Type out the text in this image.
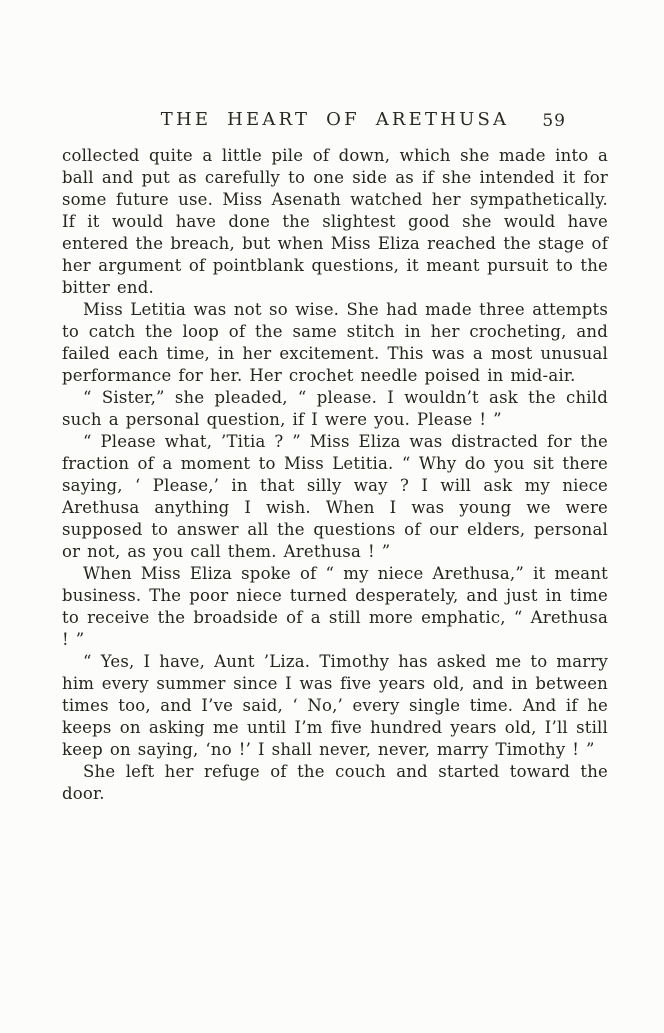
THE HEART OF ARETHUSA 59

collected quite a little pile of down, which she made into a ball and put as carefully to one side as if she intended it for some future use. Miss Asenath watched her sympathetically. If it would have done the slightest good she would have entered the breach, but when Miss Eliza reached the stage of her argument of pointblank questions, it meant pursuit to the bitter end.

Miss Letitia was not so wise. She had made three attempts to catch the loop of the same stitch in her crocheting, and failed each time, in her excitement. This was a most unusual performance for her. Her crochet needle poised in mid-air.

“ Sister,” she pleaded, “ please. I wouldn’t ask the child such a personal question, if I were you. Please ! ”

“ Please what, ’Titia ? ” Miss Eliza was distracted for the fraction of a moment to Miss Letitia. “ Why do you sit there saying, ‘ Please,’ in that silly way ? I will ask my niece Arethusa anything I wish. When I was young we were supposed to answer all the questions of our elders, personal or not, as you call them. Arethusa ! ”

When Miss Eliza spoke of “ my niece Arethusa,” it meant business. The poor niece turned desperately, and just in time to receive the broadside of a still more emphatic, “ Arethusa ! ”

“ Yes, I have, Aunt ’Liza. Timothy has asked me to marry him every summer since I was five years old, and in between times too, and I’ve said, ‘ No,’ every single time. And if he keeps on asking me until I’m five hundred years old, I’ll still keep on saying, ‘no !’ I shall never, never, marry Timothy ! ”

She left her refuge of the couch and started toward the door.
